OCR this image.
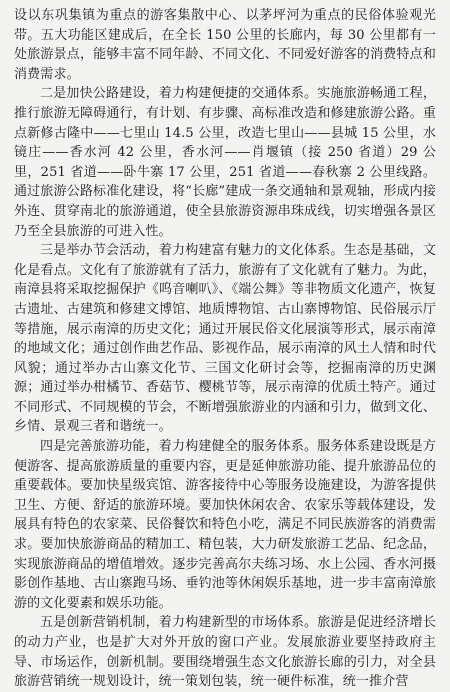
设以东巩集镇为重点的游客集散中心、以茅坪河为重点的民俗体验观光带。五大功能区建成后，在全长 150 公里的长廊内，每 30 公里都有一处旅游景点，能够丰富不同年龄、不同文化、不同爱好游客的消费特点和消费需求。

二是加快公路建设，着力构建便捷的交通体系。实施旅游畅通工程，推行旅游无障碍通行，有计划、有步骤、高标准改造和修建旅游公路。重点新修古隆中——七里山 14.5 公里，改造七里山——县城 15 公里，水镜庄——香水河 42 公里，香水河——肖堰镇（接 250 省道）29 公里，251 省道——卧牛寨 17 公里，251 省道——春秋寨 2 公里线路。通过旅游公路标准化建设，将“长廊”建成一条交通轴和景观轴，形成内接外连、贯穿南北的旅游通道，使全县旅游资源串珠成线，切实增强各景区乃至全县旅游的可进入性。

三是举办节会活动，着力构建富有魅力的文化体系。生态是基础，文化是看点。文化有了旅游就有了活力，旅游有了文化就有了魅力。为此，南漳县将采取挖掘保护《呜音喇叭》、《端公舞》等非物质文化遗产，恢复古遗址、古建筑和修建文博馆、地质博物馆、古山寨博物馆、民俗展示厅等措施，展示南漳的历史文化；通过开展民俗文化展演等形式，展示南漳的地域文化；通过创作曲艺作品、影视作品，展示南漳的风土人情和时代风貌；通过举办古山寨文化节、三国文化研讨会等，挖掘南漳的历史渊源；通过举办柑橘节、香菇节、樱桃节等，展示南漳的优质土特产。通过不同形式、不同规模的节会，不断增强旅游业的内涵和引力，做到文化、乡情、景观三者和谐统一。

四是完善旅游功能，着力构建健全的服务体系。服务体系建设既是方便游客、提高旅游质量的重要内容，更是延伸旅游功能、提升旅游品位的重要载体。要加快星级宾馆、游客接待中心等服务设施建设，为游客提供卫生、方便、舒适的旅游环境。要加快休闲农舍、农家乐等载体建设，发展具有特色的农家菜、民俗餐饮和特色小吃，满足不同民族游客的消费需求。要加快旅游商品的精加工、精包装，大力研发旅游工艺品、纪念品，实现旅游商品的增值增效。逐步完善高尔夫练习场、水上公园、香水河摄影创作基地、古山寨跑马场、垂钓池等休闲娱乐基地，进一步丰富南漳旅游的文化要素和娱乐功能。

五是创新营销机制，着力构建新型的市场体系。旅游是促进经济增长的动力产业，也是扩大对外开放的窗口产业。发展旅游业要坚持政府主导、市场运作，创新机制。要围绕增强生态文化旅游长廊的引力，对全县旅游营销统一规划设计，统一策划包装，统一硬件标准，统一推介营
